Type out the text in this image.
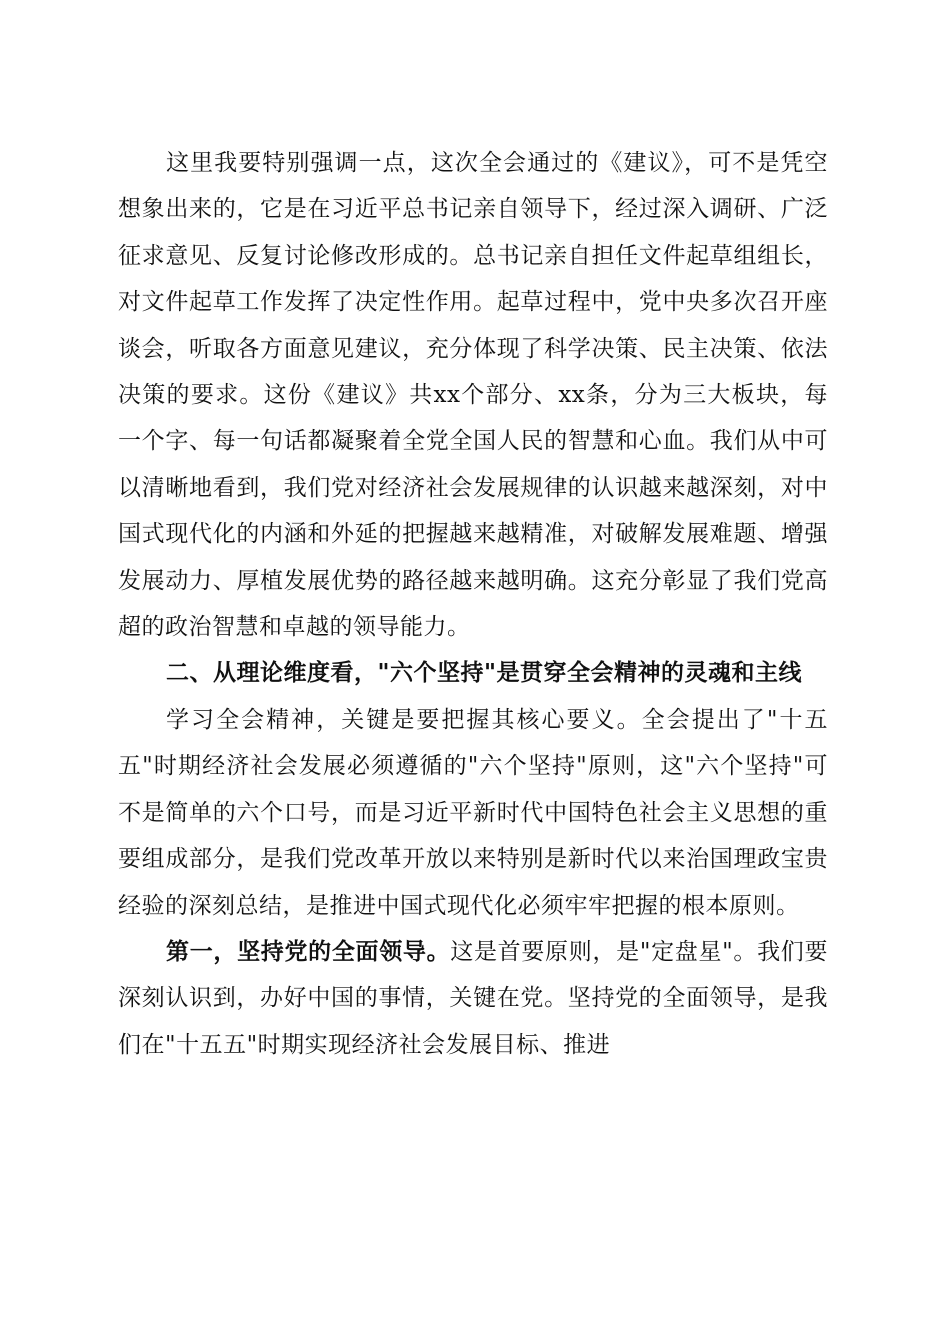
这里我要特别强调一点，这次全会通过的《建议》，可不是凭空想象出来的，它是在习近平总书记亲自领导下，经过深入调研、广泛征求意见、反复讨论修改形成的。总书记亲自担任文件起草组组长，对文件起草工作发挥了决定性作用。起草过程中，党中央多次召开座谈会，听取各方面意见建议，充分体现了科学决策、民主决策、依法决策的要求。这份《建议》共xx个部分、xx条，分为三大板块，每一个字、每一句话都凝聚着全党全国人民的智慧和心血。我们从中可以清晰地看到，我们党对经济社会发展规律的认识越来越深刻，对中国式现代化的内涵和外延的把握越来越精准，对破解发展难题、增强发展动力、厚植发展优势的路径越来越明确。这充分彰显了我们党高超的政治智慧和卓越的领导能力。

二、从理论维度看，"六个坚持"是贯穿全会精神的灵魂和主线

学习全会精神，关键是要把握其核心要义。全会提出了"十五五"时期经济社会发展必须遵循的"六个坚持"原则，这"六个坚持"可不是简单的六个口号，而是习近平新时代中国特色社会主义思想的重要组成部分，是我们党改革开放以来特别是新时代以来治国理政宝贵经验的深刻总结，是推进中国式现代化必须牢牢把握的根本原则。

第一，坚持党的全面领导。这是首要原则，是"定盘星"。我们要深刻认识到，办好中国的事情，关键在党。坚持党的全面领导，是我们在"十五五"时期实现经济社会发展目标、推进
